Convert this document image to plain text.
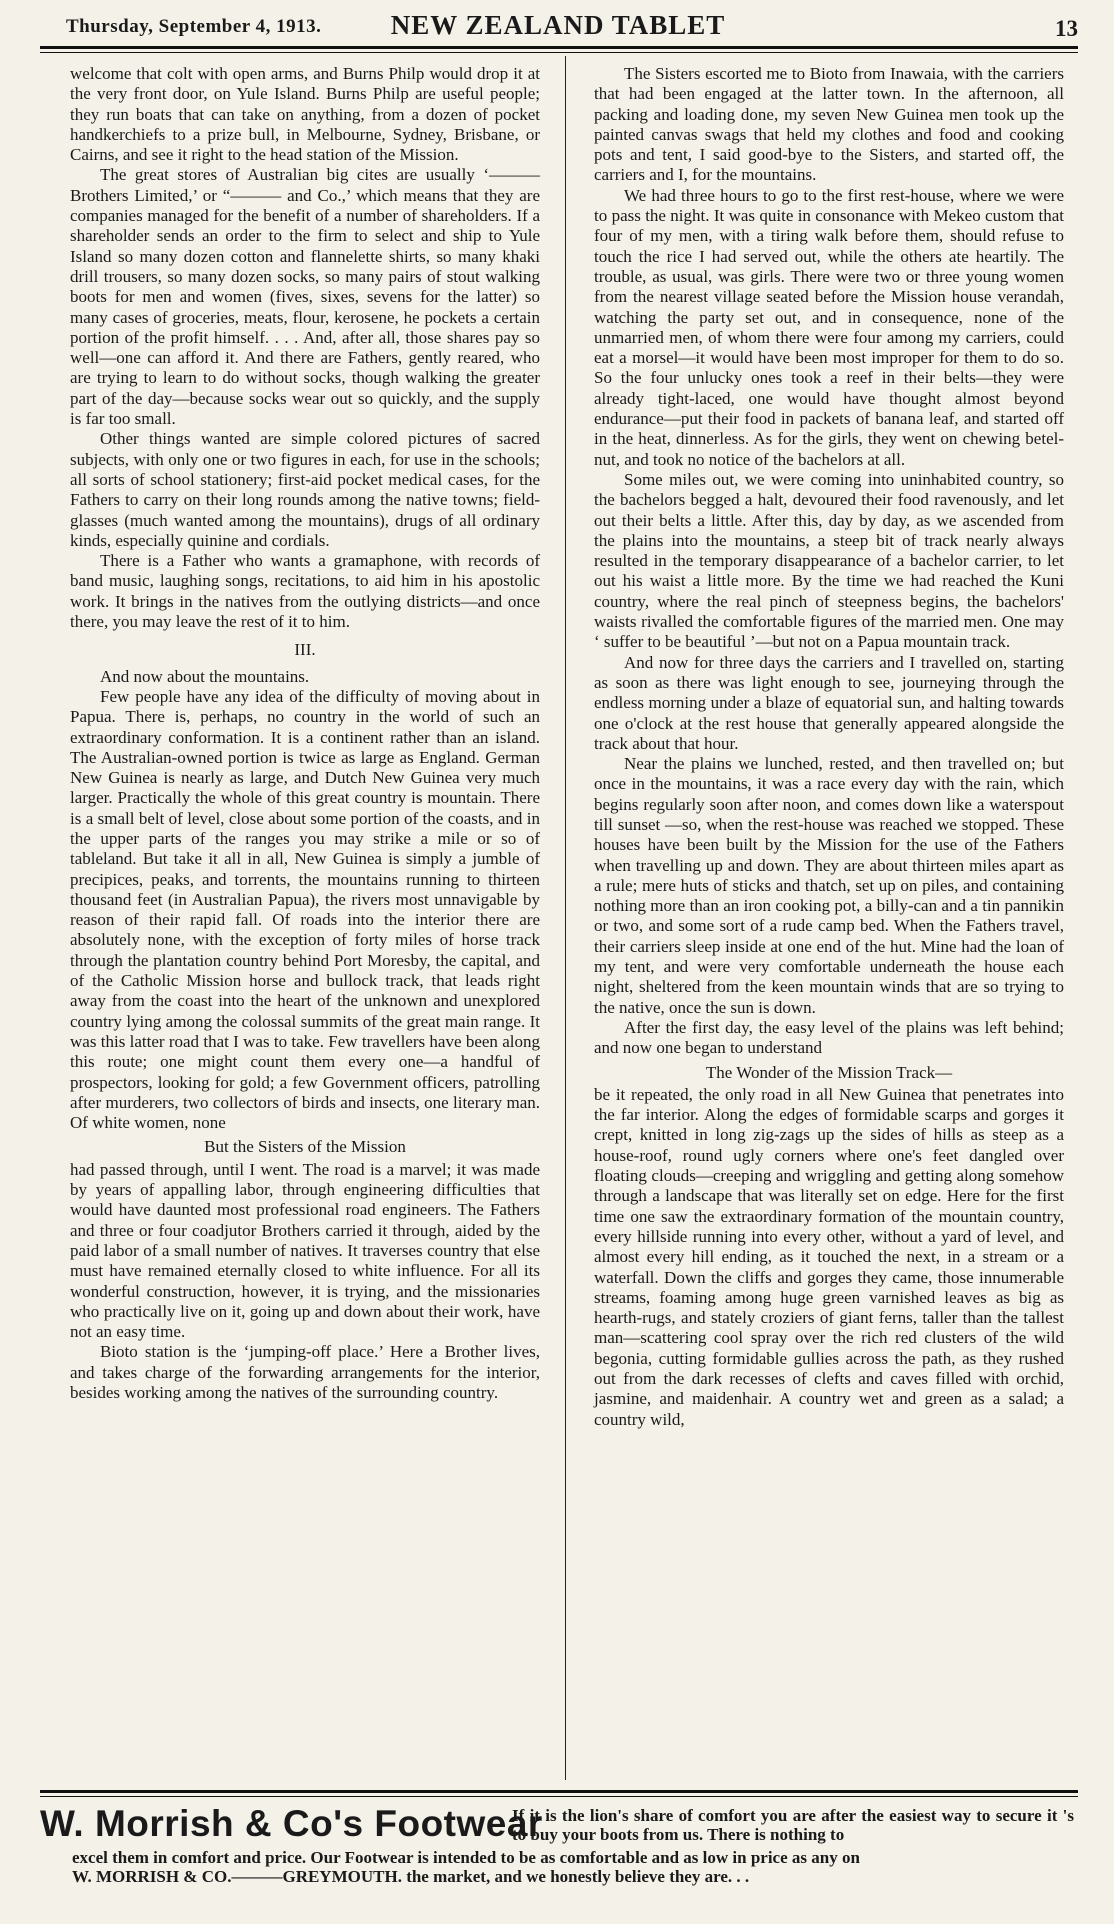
Thursday, September 4, 1913.	NEW ZEALAND TABLET	13

welcome that colt with open arms, and Burns Philp would drop it at the very front door, on Yule Island. Burns Philp are useful people; they run boats that can take on anything, from a dozen of pocket handkerchiefs to a prize bull, in Melbourne, Sydney, Brisbane, or Cairns, and see it right to the head station of the Mission.

The great stores of Australian big cites are usually ‘——— Brothers Limited,’ or “——— and Co.,’ which means that they are companies managed for the benefit of a number of shareholders. If a shareholder sends an order to the firm to select and ship to Yule Island so many dozen cotton and flannelette shirts, so many khaki drill trousers, so many dozen socks, so many pairs of stout walking boots for men and women (fives, sixes, sevens for the latter) so many cases of groceries, meats, flour, kerosene, he pockets a certain portion of the profit himself. . . . And, after all, those shares pay so well—one can afford it. And there are Fathers, gently reared, who are trying to learn to do without socks, though walking the greater part of the day—because socks wear out so quickly, and the supply is far too small.

Other things wanted are simple colored pictures of sacred subjects, with only one or two figures in each, for use in the schools; all sorts of school stationery; first-aid pocket medical cases, for the Fathers to carry on their long rounds among the native towns; field-glasses (much wanted among the mountains), drugs of all ordinary kinds, especially quinine and cordials.

There is a Father who wants a gramaphone, with records of band music, laughing songs, recitations, to aid him in his apostolic work. It brings in the natives from the outlying districts—and once there, you may leave the rest of it to him.

III.

And now about the mountains.

Few people have any idea of the difficulty of moving about in Papua. There is, perhaps, no country in the world of such an extraordinary conformation. It is a continent rather than an island. The Australian-owned portion is twice as large as England. German New Guinea is nearly as large, and Dutch New Guinea very much larger. Practically the whole of this great country is mountain. There is a small belt of level, close about some portion of the coasts, and in the upper parts of the ranges you may strike a mile or so of tableland. But take it all in all, New Guinea is simply a jumble of precipices, peaks, and torrents, the mountains running to thirteen thousand feet (in Australian Papua), the rivers most unnavigable by reason of their rapid fall. Of roads into the interior there are absolutely none, with the exception of forty miles of horse track through the plantation country behind Port Moresby, the capital, and of the Catholic Mission horse and bullock track, that leads right away from the coast into the heart of the unknown and unexplored country lying among the colossal summits of the great main range. It was this latter road that I was to take. Few travellers have been along this route; one might count them every one—a handful of prospectors, looking for gold; a few Government officers, patrolling after murderers, two collectors of birds and insects, one literary man. Of white women, none

But the Sisters of the Mission

had passed through, until I went. The road is a marvel; it was made by years of appalling labor, through engineering difficulties that would have daunted most professional road engineers. The Fathers and three or four coadjutor Brothers carried it through, aided by the paid labor of a small number of natives. It traverses country that else must have remained eternally closed to white influence. For all its wonderful construction, however, it is trying, and the missionaries who practically live on it, going up and down about their work, have not an easy time.

Bioto station is the ‘jumping-off place.’ Here a Brother lives, and takes charge of the forwarding arrangements for the interior, besides working among the natives of the surrounding country.

The Sisters escorted me to Bioto from Inawaia, with the carriers that had been engaged at the latter town. In the afternoon, all packing and loading done, my seven New Guinea men took up the painted canvas swags that held my clothes and food and cooking pots and tent, I said good-bye to the Sisters, and started off, the carriers and I, for the mountains.

We had three hours to go to the first rest-house, where we were to pass the night. It was quite in consonance with Mekeo custom that four of my men, with a tiring walk before them, should refuse to touch the rice I had served out, while the others ate heartily. The trouble, as usual, was girls. There were two or three young women from the nearest village seated before the Mission house verandah, watching the party set out, and in consequence, none of the unmarried men, of whom there were four among my carriers, could eat a morsel—it would have been most improper for them to do so. So the four unlucky ones took a reef in their belts—they were already tight-laced, one would have thought almost beyond endurance—put their food in packets of banana leaf, and started off in the heat, dinnerless. As for the girls, they went on chewing betel-nut, and took no notice of the bachelors at all.

Some miles out, we were coming into uninhabited country, so the bachelors begged a halt, devoured their food ravenously, and let out their belts a little. After this, day by day, as we ascended from the plains into the mountains, a steep bit of track nearly always resulted in the temporary disappearance of a bachelor carrier, to let out his waist a little more. By the time we had reached the Kuni country, where the real pinch of steepness begins, the bachelors' waists rivalled the comfortable figures of the married men. One may ‘ suffer to be beautiful ’—but not on a Papua mountain track.

And now for three days the carriers and I travelled on, starting as soon as there was light enough to see, journeying through the endless morning under a blaze of equatorial sun, and halting towards one o'clock at the rest house that generally appeared alongside the track about that hour.

Near the plains we lunched, rested, and then travelled on; but once in the mountains, it was a race every day with the rain, which begins regularly soon after noon, and comes down like a waterspout till sunset —so, when the rest-house was reached we stopped. These houses have been built by the Mission for the use of the Fathers when travelling up and down. They are about thirteen miles apart as a rule; mere huts of sticks and thatch, set up on piles, and containing nothing more than an iron cooking pot, a billy-can and a tin pannikin or two, and some sort of a rude camp bed. When the Fathers travel, their carriers sleep inside at one end of the hut. Mine had the loan of my tent, and were very comfortable underneath the house each night, sheltered from the keen mountain winds that are so trying to the native, once the sun is down.

After the first day, the easy level of the plains was left behind; and now one began to understand

The Wonder of the Mission Track—

be it repeated, the only road in all New Guinea that penetrates into the far interior. Along the edges of formidable scarps and gorges it crept, knitted in long zig-zags up the sides of hills as steep as a house-roof, round ugly corners where one's feet dangled over floating clouds—creeping and wriggling and getting along somehow through a landscape that was literally set on edge. Here for the first time one saw the extraordinary formation of the mountain country, every hillside running into every other, without a yard of level, and almost every hill ending, as it touched the next, in a stream or a waterfall. Down the cliffs and gorges they came, those innumerable streams, foaming among huge green varnished leaves as big as hearth-rugs, and stately croziers of giant ferns, taller than the tallest man—scattering cool spray over the rich red clusters of the wild begonia, cutting formidable gullies across the path, as they rushed out from the dark recesses of clefts and caves filled with orchid, jasmine, and maidenhair. A country wet and green as a salad; a country wild,

W. Morrish & Co's Footwear
If it is the lion's share of comfort you are after the easiest way to secure it 's to buy your boots from us. There is nothing to
excel them in comfort and price. Our Footwear is intended to be as comfortable and as low in price as any on
W. MORRISH & CO.———GREYMOUTH. the market, and we honestly believe they are. . .
